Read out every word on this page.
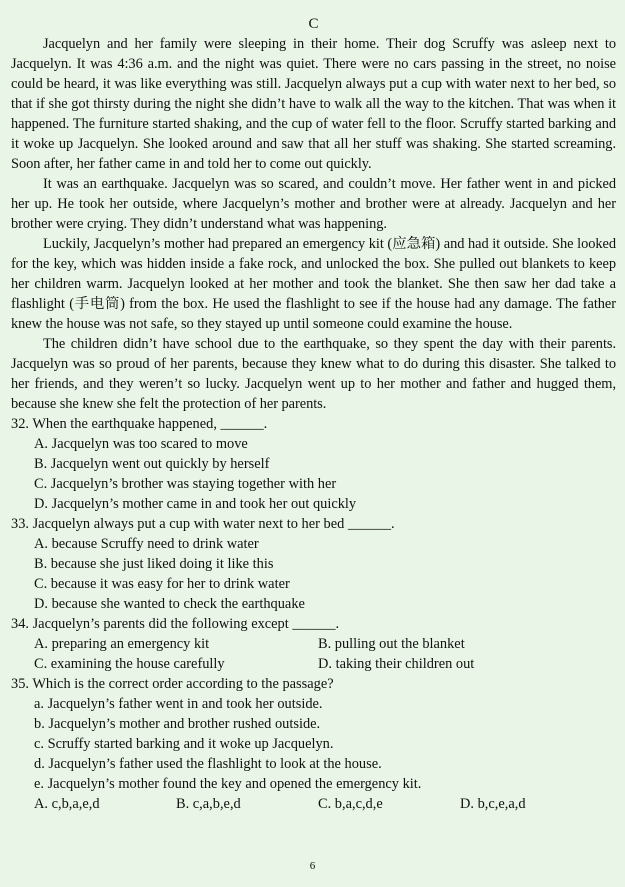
C

Jacquelyn and her family were sleeping in their home. Their dog Scruffy was asleep next to Jacquelyn. It was 4:36 a.m. and the night was quiet. There were no cars passing in the street, no noise could be heard, it was like everything was still. Jacquelyn always put a cup with water next to her bed, so that if she got thirsty during the night she didn’t have to walk all the way to the kitchen. That was when it happened. The furniture started shaking, and the cup of water fell to the floor. Scruffy started barking and it woke up Jacquelyn. She looked around and saw that all her stuff was shaking. She started screaming. Soon after, her father came in and told her to come out quickly.

It was an earthquake. Jacquelyn was so scared, and couldn’t move. Her father went in and picked her up. He took her outside, where Jacquelyn’s mother and brother were at already. Jacquelyn and her brother were crying. They didn’t understand what was happening.

Luckily, Jacquelyn’s mother had prepared an emergency kit (应急箱) and had it outside. She looked for the key, which was hidden inside a fake rock, and unlocked the box. She pulled out blankets to keep her children warm. Jacquelyn looked at her mother and took the blanket. She then saw her dad take a flashlight (手电筒) from the box. He used the flashlight to see if the house had any damage. The father knew the house was not safe, so they stayed up until someone could examine the house.

The children didn’t have school due to the earthquake, so they spent the day with their parents. Jacquelyn was so proud of her parents, because they knew what to do during this disaster. She talked to her friends, and they weren’t so lucky. Jacquelyn went up to her mother and father and hugged them, because she knew she felt the protection of her parents.

32. When the earthquake happened, ______.

A. Jacquelyn was too scared to move

B. Jacquelyn went out quickly by herself

C. Jacquelyn’s brother was staying together with her

D. Jacquelyn’s mother came in and took her out quickly

33. Jacquelyn always put a cup with water next to her bed ______.

A. because Scruffy need to drink water

B. because she just liked doing it like this

C. because it was easy for her to drink water

D. because she wanted to check the earthquake

34. Jacquelyn’s parents did the following except ______.

A. preparing an emergency kit	B. pulling out the blanket
C. examining the house carefully	D. taking their children out

35. Which is the correct order according to the passage?

a. Jacquelyn’s father went in and took her outside.

b. Jacquelyn’s mother and brother rushed outside.

c. Scruffy started barking and it woke up Jacquelyn.

d. Jacquelyn’s father used the flashlight to look at the house.

e. Jacquelyn’s mother found the key and opened the emergency kit.

A. c,b,a,e,d	B. c,a,b,e,d	C. b,a,c,d,e	D. b,c,e,a,d
6
